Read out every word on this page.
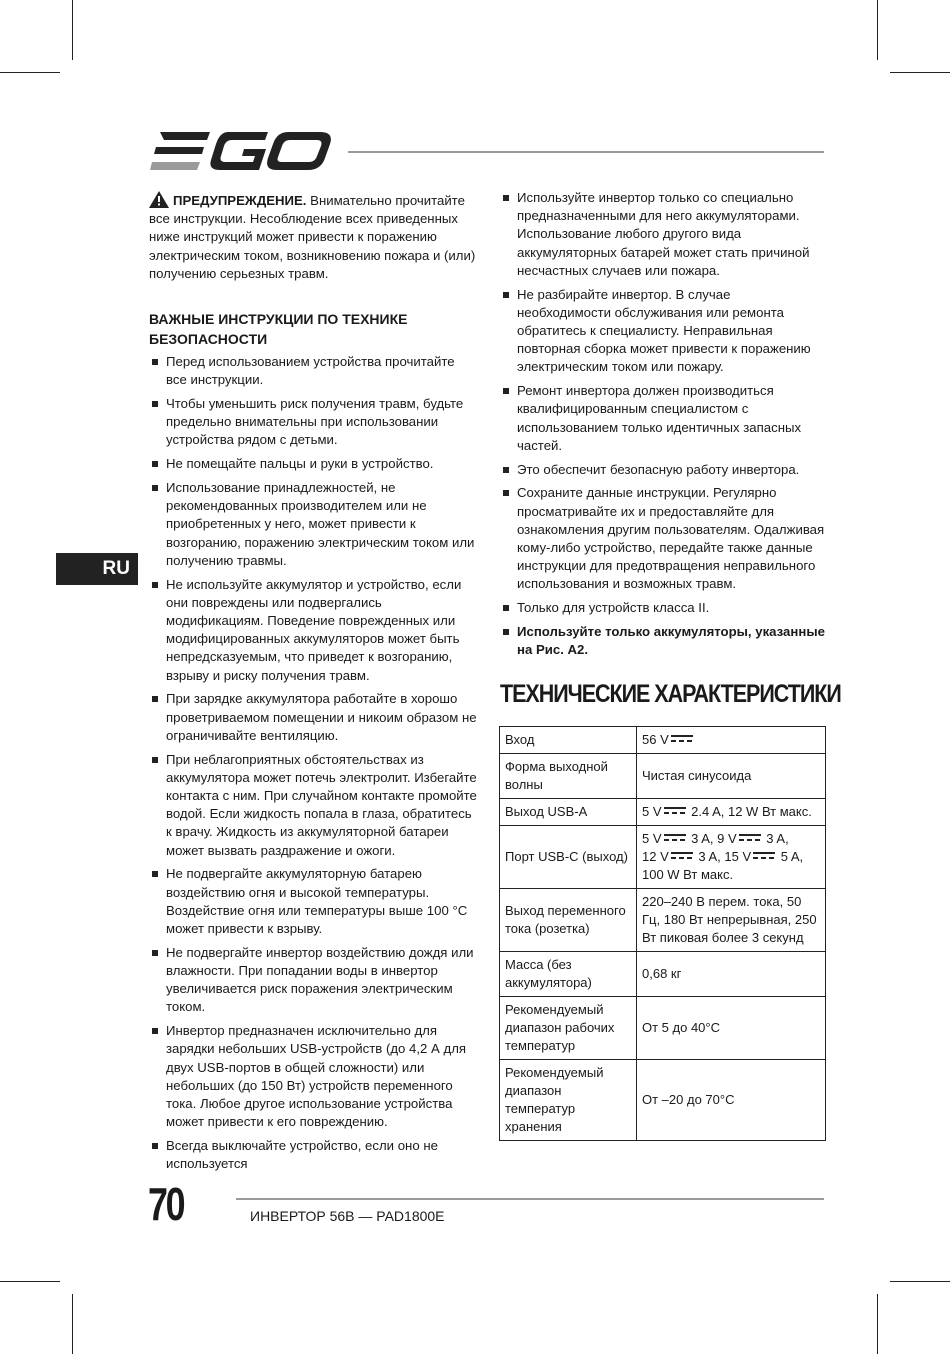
RU

ПРЕДУПРЕЖДЕНИЕ. Внимательно прочитайте все инструкции. Несоблюдение всех приведенных ниже инструкций может привести к поражению электрическим током, возникновению пожара и (или) получению серьезных травм.

ВАЖНЫЕ ИНСТРУКЦИИ ПО ТЕХНИКЕ БЕЗОПАСНОСТИ
Перед использованием устройства прочитайте все инструкции.
Чтобы уменьшить риск получения травм, будьте предельно внимательны при использовании устройства рядом с детьми.
Не помещайте пальцы и руки в устройство.
Использование принадлежностей, не рекомендованных производителем или не приобретенных у него, может привести к возгоранию, поражению электрическим током или получению травмы.
Не используйте аккумулятор и устройство, если они повреждены или подвергались модификациям. Поведение поврежденных или модифицированных аккумуляторов может быть непредсказуемым, что приведет к возгоранию, взрыву и риску получения травм.
При зарядке аккумулятора работайте в хорошо проветриваемом помещении и никоим образом не ограничивайте вентиляцию.
При неблагоприятных обстоятельствах из аккумулятора может потечь электролит. Избегайте контакта с ним. При случайном контакте промойте водой. Если жидкость попала в глаза, обратитесь к врачу. Жидкость из аккумуляторной батареи может вызвать раздражение и ожоги.
Не подвергайте аккумуляторную батарею воздействию огня и высокой температуры. Воздействие огня или температуры выше 100 °C может привести к взрыву.
Не подвергайте инвертор воздействию дождя или влажности. При попадании воды в инвертор увеличивается риск поражения электрическим током.
Инвертор предназначен исключительно для зарядки небольших USB-устройств (до 4,2 А для двух USB-портов в общей сложности) или небольших (до 150 Вт) устройств переменного тока. Любое другое использование устройства может привести к его повреждению.
Всегда выключайте устройство, если оно не используется
Используйте инвертор только со специально предназначенными для него аккумуляторами. Использование любого другого вида аккумуляторных батарей может стать причиной несчастных случаев или пожара.
Не разбирайте инвертор. В случае необходимости обслуживания или ремонта обратитесь к специалисту. Неправильная повторная сборка может привести к поражению электрическим током или пожару.
Ремонт инвертора должен производиться квалифицированным специалистом с использованием только идентичных запасных частей.
Это обеспечит безопасную работу инвертора.
Сохраните данные инструкции. Регулярно просматривайте их и предоставляйте для ознакомления другим пользователям. Одалживая кому-либо устройство, передайте также данные инструкции для предотвращения неправильного использования и возможных травм.
Только для устройств класса II.
Используйте только аккумуляторы, указанные на Рис. А2.
ТЕХНИЧЕСКИЕ ХАРАКТЕРИСТИКИ
Вход	56 V
Форма выходной волны	Чистая синусоида
Выход USB-A	5 V 2.4 A, 12 W Вт макс.
Порт USB-C (выход)	5 V 3 A, 9 V 3 A,
12 V 3 A, 15 V 5 A,
100 W Вт макс.

Выход переменного тока (розетка)	220–240 В перем. тока, 50 Гц, 180 Вт непрерывная, 250 Вт пиковая более 3 секунд
Масса (без аккумулятора)	0,68 кг
Рекомендуемый диапазон рабочих температур	От 5 до 40°C
Рекомендуемый диапазон температур хранения	От –20 до 70°C
70	ИНВЕРТОР 56В — PAD1800E
